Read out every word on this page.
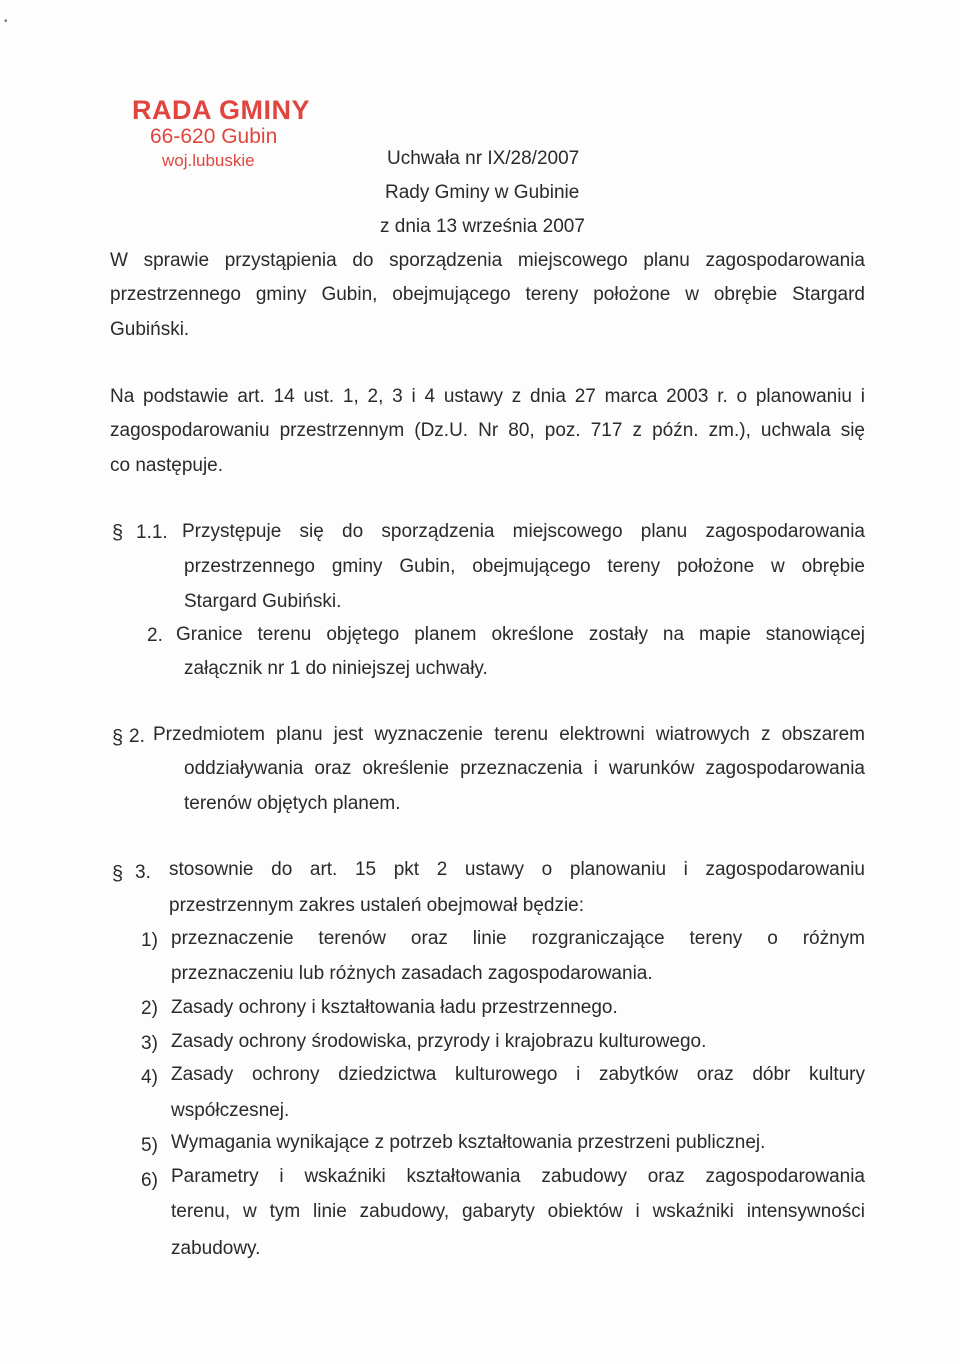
•
RADA GMINY
66-620 Gubin
woj.lubuskie	Uchwała nr IX/28/2007
Rady Gminy w Gubinie
z dnia 13 września 2007
W sprawie przystąpienia do sporządzenia miejscowego planu zagospodarowania
przestrzennego gminy Gubin, obejmującego tereny położone w obrębie Stargard
Gubiński.
Na podstawie art. 14 ust. 1, 2, 3 i 4 ustawy z dnia 27 marca 2003 r. o planowaniu i
zagospodarowaniu przestrzennym (Dz.U. Nr 80, poz. 717 z późn. zm.), uchwala się
co następuje.
§ 1.1. Przystępuje się do sporządzenia miejscowego planu zagospodarowania
przestrzennego gminy Gubin, obejmującego tereny położone w obrębie
Stargard Gubiński.
2. Granice terenu objętego planem określone zostały na mapie stanowiącej
załącznik nr 1 do niniejszej uchwały.
§ 2. Przedmiotem planu jest wyznaczenie terenu elektrowni wiatrowych z obszarem
oddziaływania oraz określenie przeznaczenia i warunków zagospodarowania
terenów objętych planem.
§ 3. stosownie do art. 15 pkt 2 ustawy o planowaniu i zagospodarowaniu
przestrzennym zakres ustaleń obejmował będzie:
1) przeznaczenie terenów oraz linie rozgraniczające tereny o różnym
przeznaczeniu lub różnych zasadach zagospodarowania.
2) Zasady ochrony i kształtowania ładu przestrzennego.
3) Zasady ochrony środowiska, przyrody i krajobrazu kulturowego.
4) Zasady ochrony dziedzictwa kulturowego i zabytków oraz dóbr kultury
współczesnej.
5) Wymagania wynikające z potrzeb kształtowania przestrzeni publicznej.
6) Parametry i wskaźniki kształtowania zabudowy oraz zagospodarowania
terenu, w tym linie zabudowy, gabaryty obiektów i wskaźniki intensywności
zabudowy.
